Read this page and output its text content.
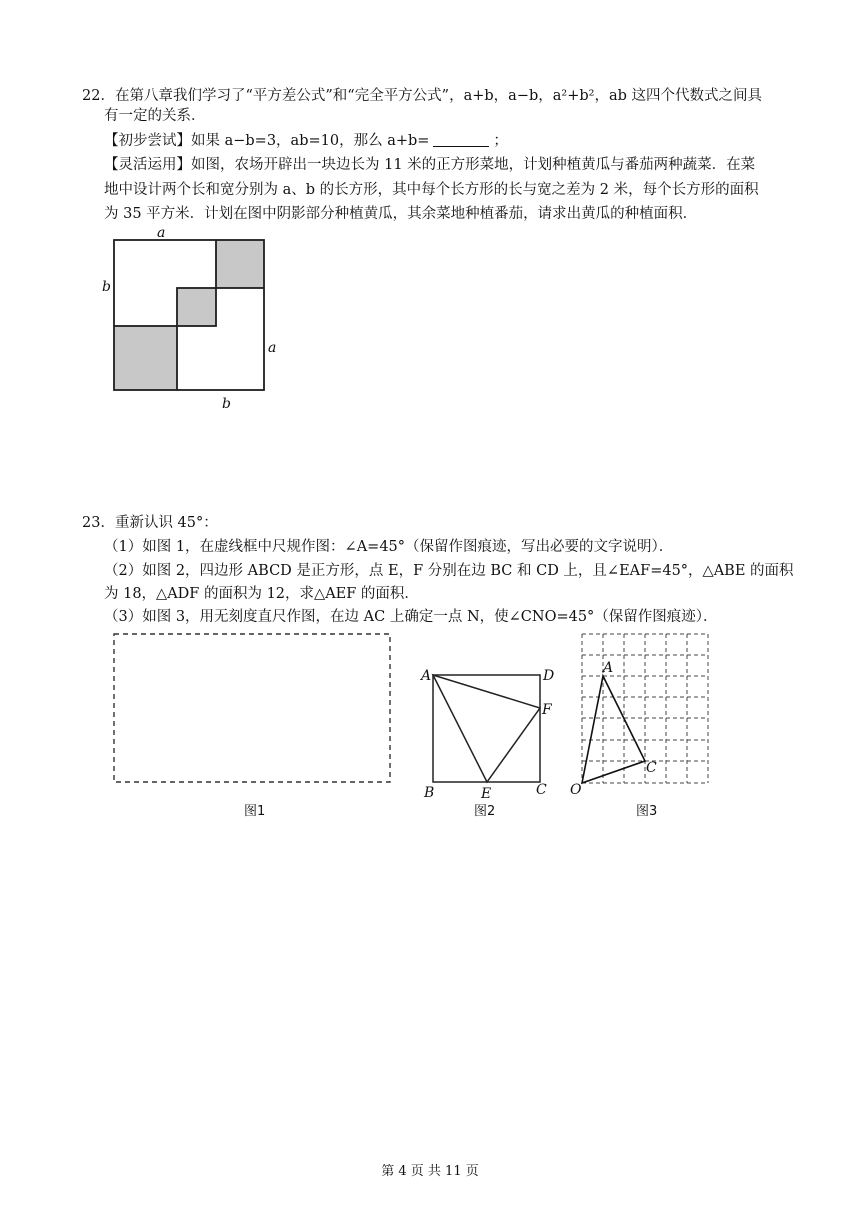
22．在第八章我们学习了“平方差公式”和“完全平方公式”，a+b，a−b，a²+b²，ab 这四个代数式之间具
有一定的关系．
【初步尝试】如果 a−b=3，ab=10，那么 a+b=	；
【灵活运用】如图，农场开辟出一块边长为 11 米的正方形菜地，计划种植黄瓜与番茄两种蔬菜．在菜
地中设计两个长和宽分别为 a、b 的长方形，其中每个长方形的长与宽之差为 2 米，每个长方形的面积
为 35 平方米．计划在图中阴影部分种植黄瓜，其余菜地种植番茄，请求出黄瓜的种植面积．
a
b
a
b
23．重新认识 45°：
（1）如图 1，在虚线框中尺规作图：∠A=45°（保留作图痕迹，写出必要的文字说明）．
（2）如图 2，四边形 ABCD 是正方形，点 E，F 分别在边 BC 和 CD 上，且∠EAF=45°，△ABE 的面积
为 18，△ADF 的面积为 12，求△AEF 的面积．
（3）如图 3，用无刻度直尺作图，在边 AC 上确定一点 N，使∠CNO=45°（保留作图痕迹）．
图1
A	D
B	C
E
F
图2
A
C
O
图3
第 4 页 共 11 页
